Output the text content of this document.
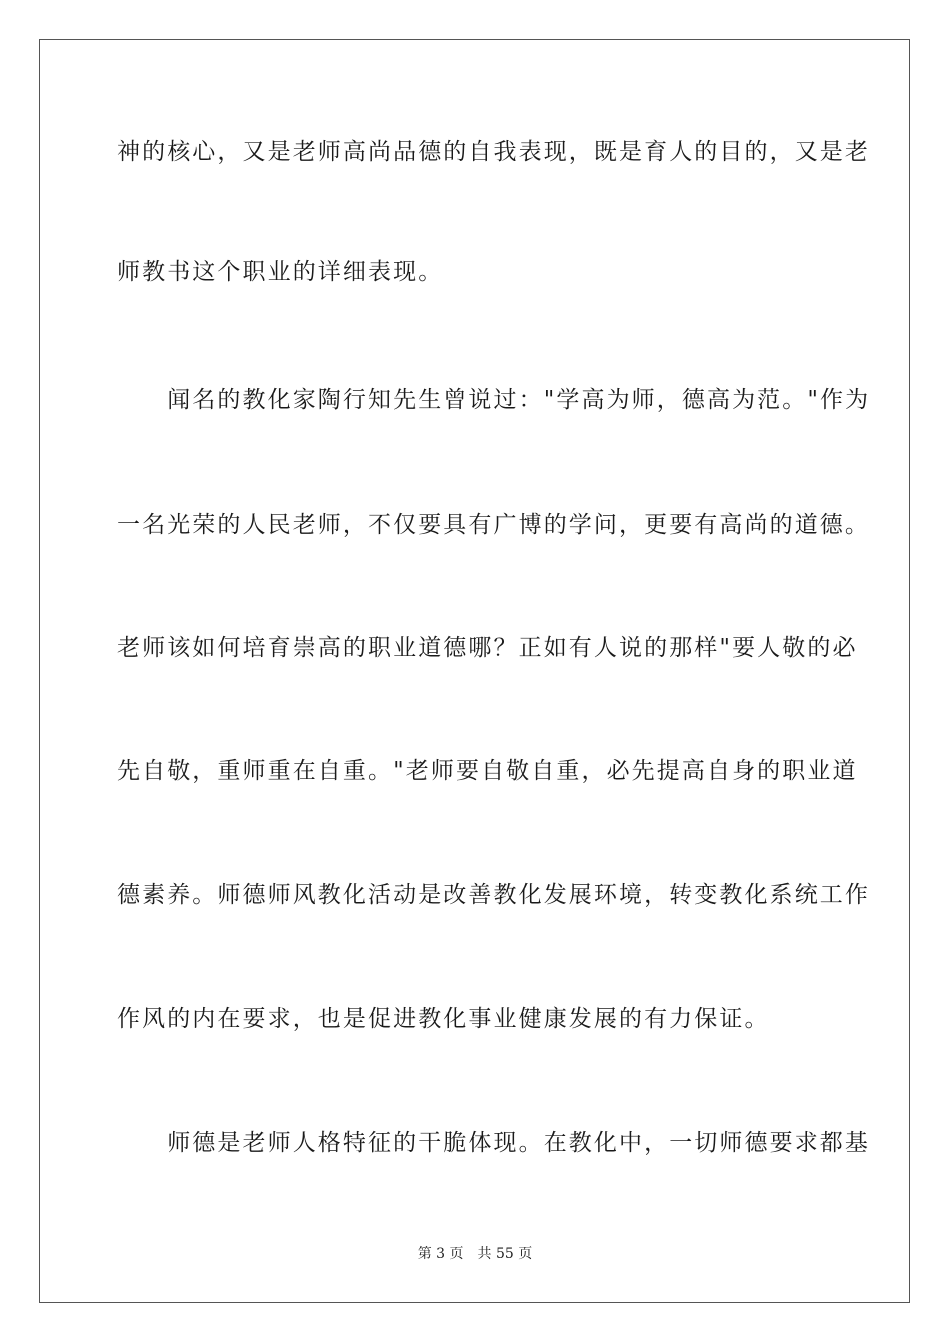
神的核心，又是老师高尚品德的自我表现，既是育人的目的，又是老
师教书这个职业的详细表现。
　　闻名的教化家陶行知先生曾说过："学高为师，德高为范。"作为
一名光荣的人民老师，不仅要具有广博的学问，更要有高尚的道德。
老师该如何培育崇高的职业道德哪？正如有人说的那样"要人敬的必
先自敬，重师重在自重。"老师要自敬自重，必先提高自身的职业道
德素养。师德师风教化活动是改善教化发展环境，转变教化系统工作
作风的内在要求，也是促进教化事业健康发展的有力保证。
　　师德是老师人格特征的干脆体现。在教化中，一切师德要求都基
第 3 页 共 55 页
